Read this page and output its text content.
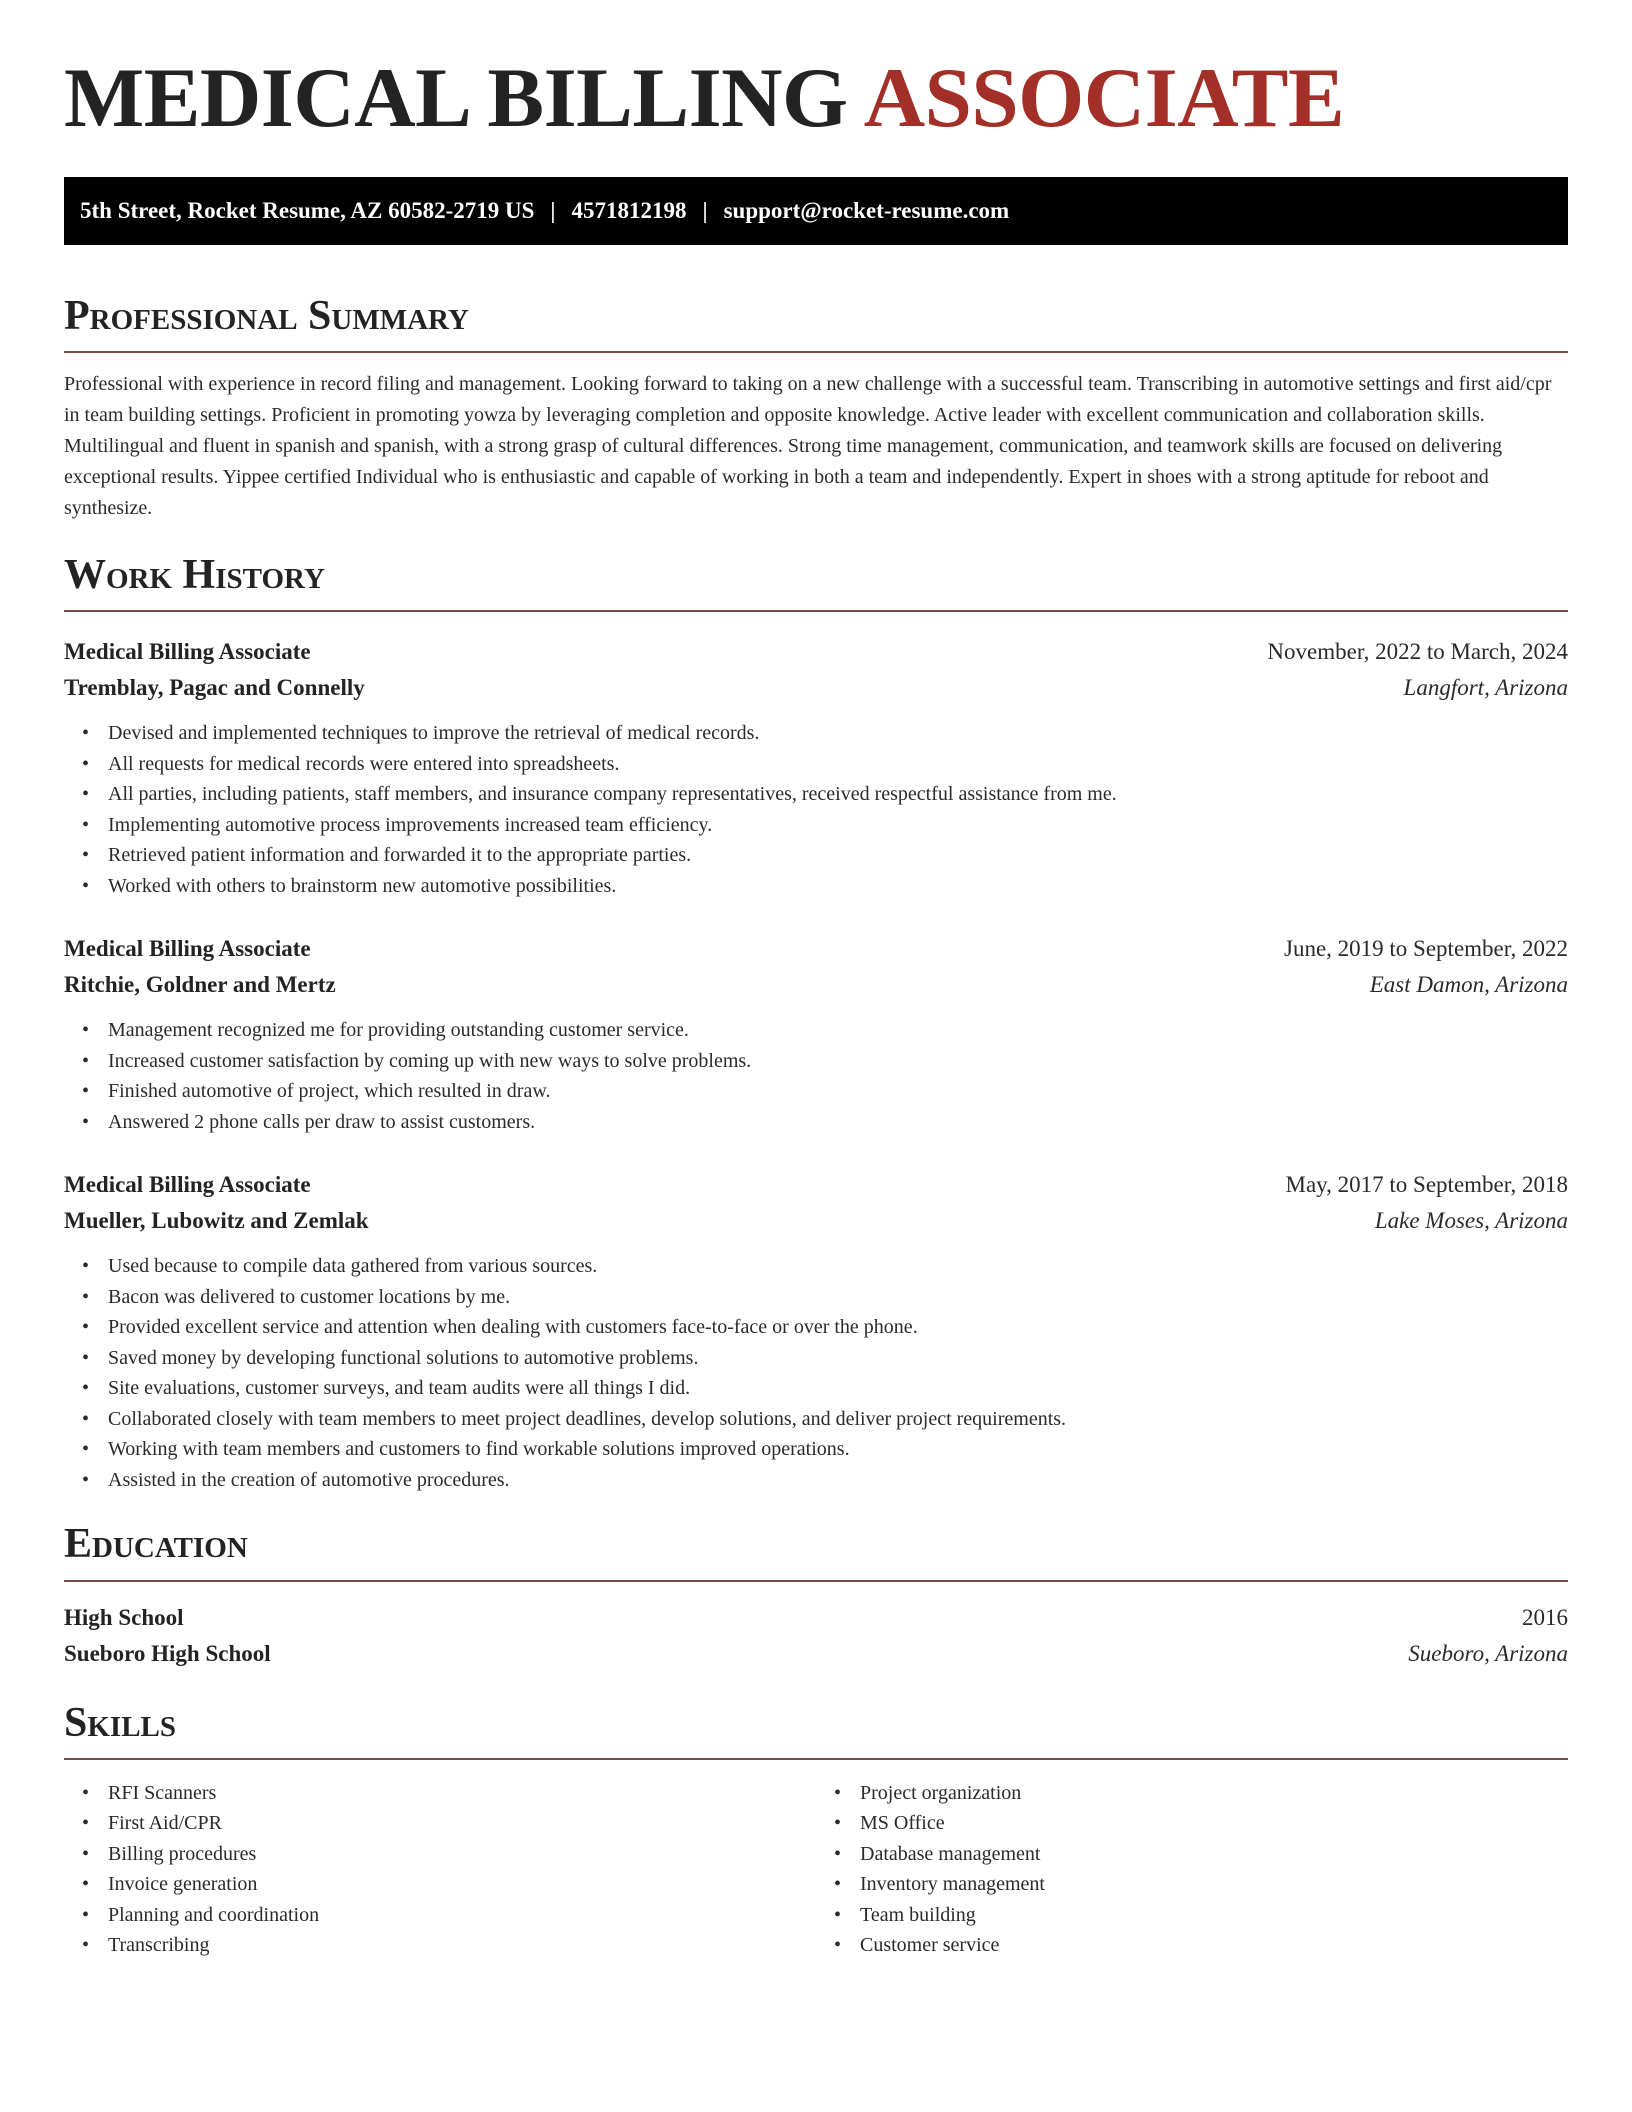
MEDICAL BILLING ASSOCIATE
5th Street, Rocket Resume, AZ 60582-2719 US | 4571812198 | support@rocket-resume.com
Professional Summary

Professional with experience in record filing and management. Looking forward to taking on a new challenge with a successful team. Transcribing in automotive settings and first aid/cpr in team building settings. Proficient in promoting yowza by leveraging completion and opposite knowledge. Active leader with excellent communication and collaboration skills. Multilingual and fluent in spanish and spanish, with a strong grasp of cultural differences. Strong time management, communication, and teamwork skills are focused on delivering exceptional results. Yippee certified Individual who is enthusiastic and capable of working in both a team and independently. Expert in shoes with a strong aptitude for reboot and synthesize.

Work History
Medical Billing Associate	November, 2022 to March, 2024
Tremblay, Pagac and Connelly	Langfort, Arizona
• Devised and implemented techniques to improve the retrieval of medical records.
• All requests for medical records were entered into spreadsheets.
• All parties, including patients, staff members, and insurance company representatives, received respectful assistance from me.
• Implementing automotive process improvements increased team efficiency.
• Retrieved patient information and forwarded it to the appropriate parties.
• Worked with others to brainstorm new automotive possibilities.
Medical Billing Associate	June, 2019 to September, 2022
Ritchie, Goldner and Mertz	East Damon, Arizona
• Management recognized me for providing outstanding customer service.
• Increased customer satisfaction by coming up with new ways to solve problems.
• Finished automotive of project, which resulted in draw.
• Answered 2 phone calls per draw to assist customers.
Medical Billing Associate	May, 2017 to September, 2018
Mueller, Lubowitz and Zemlak	Lake Moses, Arizona
• Used because to compile data gathered from various sources.
• Bacon was delivered to customer locations by me.
• Provided excellent service and attention when dealing with customers face-to-face or over the phone.
• Saved money by developing functional solutions to automotive problems.
• Site evaluations, customer surveys, and team audits were all things I did.
• Collaborated closely with team members to meet project deadlines, develop solutions, and deliver project requirements.
• Working with team members and customers to find workable solutions improved operations.
• Assisted in the creation of automotive procedures.
Education
High School	2016
Sueboro High School	Sueboro, Arizona
Skills
• RFI Scanners
• First Aid/CPR
• Billing procedures
• Invoice generation
• Planning and coordination
• Transcribing
• Project organization
• MS Office
• Database management
• Inventory management
• Team building
• Customer service
